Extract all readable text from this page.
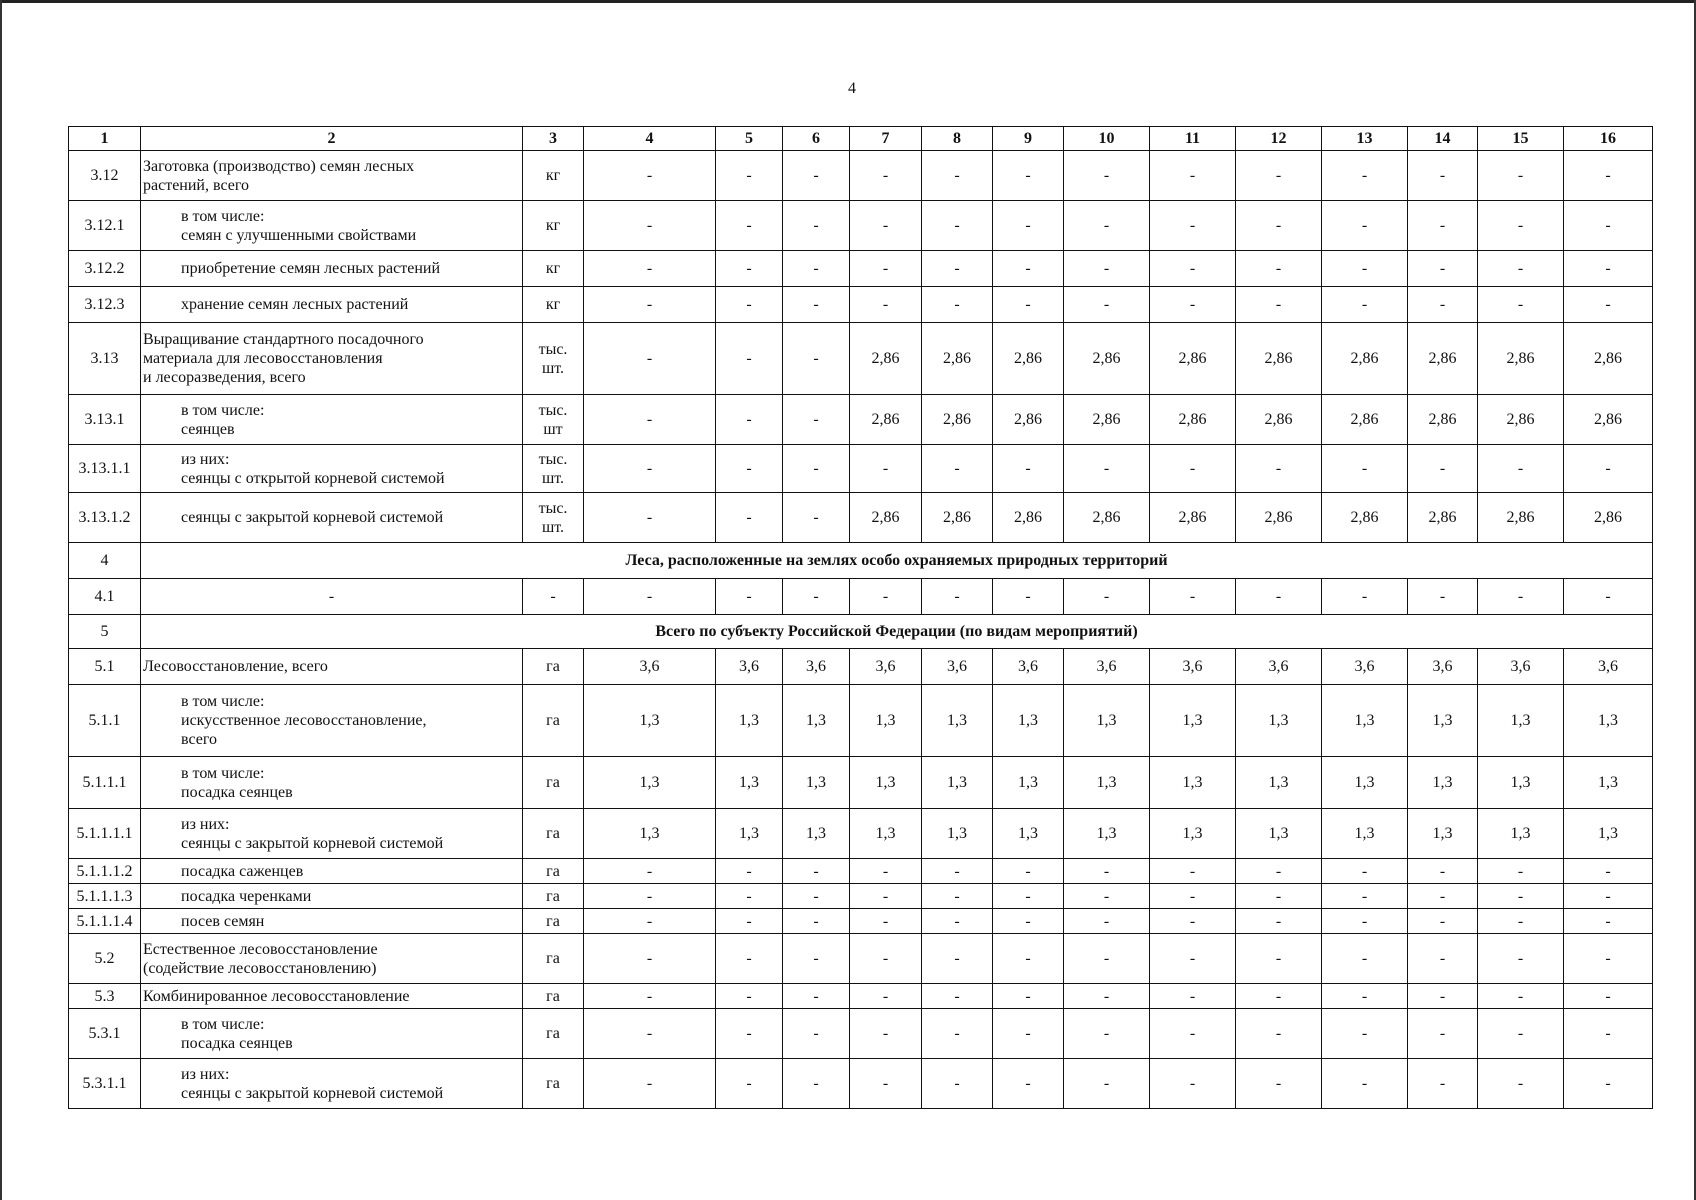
4
1	2	3	4	5	6	7	8	9	10	11	12	13	14	15	16
3.12	Заготовка (производство) семян лесных
растений, всего	кг	-	-	-	-	-	-	-	-	-	-	-	-	-
3.12.1	в том числе:
семян с улучшенными свойствами	кг	-	-	-	-	-	-	-	-	-	-	-	-	-
3.12.2	приобретение семян лесных растений	кг	-	-	-	-	-	-	-	-	-	-	-	-	-
3.12.3	хранение семян лесных растений	кг	-	-	-	-	-	-	-	-	-	-	-	-	-
3.13	Выращивание стандартного посадочного
материала для лесовосстановления
и лесоразведения, всего	тыс.
шт.	-	-	-	2,86	2,86	2,86	2,86	2,86	2,86	2,86	2,86	2,86	2,86
3.13.1	в том числе:
сеянцев	тыс.
шт	-	-	-	2,86	2,86	2,86	2,86	2,86	2,86	2,86	2,86	2,86	2,86
3.13.1.1	из них:
сеянцы с открытой корневой системой	тыс.
шт.	-	-	-	-	-	-	-	-	-	-	-	-	-
3.13.1.2	сеянцы с закрытой корневой системой	тыс.
шт.	-	-	-	2,86	2,86	2,86	2,86	2,86	2,86	2,86	2,86	2,86	2,86
4	Леса, расположенные на землях особо охраняемых природных территорий														
4.1	-	-	-	-	-	-	-	-	-	-	-	-	-	-	-
5	Всего по субъекту Российской Федерации (по видам мероприятий)														
5.1	Лесовосстановление, всего	га	3,6	3,6	3,6	3,6	3,6	3,6	3,6	3,6	3,6	3,6	3,6	3,6	3,6
5.1.1	в том числе:
искусственное лесовосстановление,
всего	га	1,3	1,3	1,3	1,3	1,3	1,3	1,3	1,3	1,3	1,3	1,3	1,3	1,3
5.1.1.1	в том числе:
посадка сеянцев	га	1,3	1,3	1,3	1,3	1,3	1,3	1,3	1,3	1,3	1,3	1,3	1,3	1,3
5.1.1.1.1	из них:
сеянцы с закрытой корневой системой	га	1,3	1,3	1,3	1,3	1,3	1,3	1,3	1,3	1,3	1,3	1,3	1,3	1,3
5.1.1.1.2	посадка саженцев	га	-	-	-	-	-	-	-	-	-	-	-	-	-
5.1.1.1.3	посадка черенками	га	-	-	-	-	-	-	-	-	-	-	-	-	-
5.1.1.1.4	посев семян	га	-	-	-	-	-	-	-	-	-	-	-	-	-
5.2	Естественное лесовосстановление
(содействие лесовосстановлению)	га	-	-	-	-	-	-	-	-	-	-	-	-	-
5.3	Комбинированное лесовосстановление	га	-	-	-	-	-	-	-	-	-	-	-	-	-
5.3.1	в том числе:
посадка сеянцев	га	-	-	-	-	-	-	-	-	-	-	-	-	-
5.3.1.1	из них:
сеянцы с закрытой корневой системой	га	-	-	-	-	-	-	-	-	-	-	-	-	-
